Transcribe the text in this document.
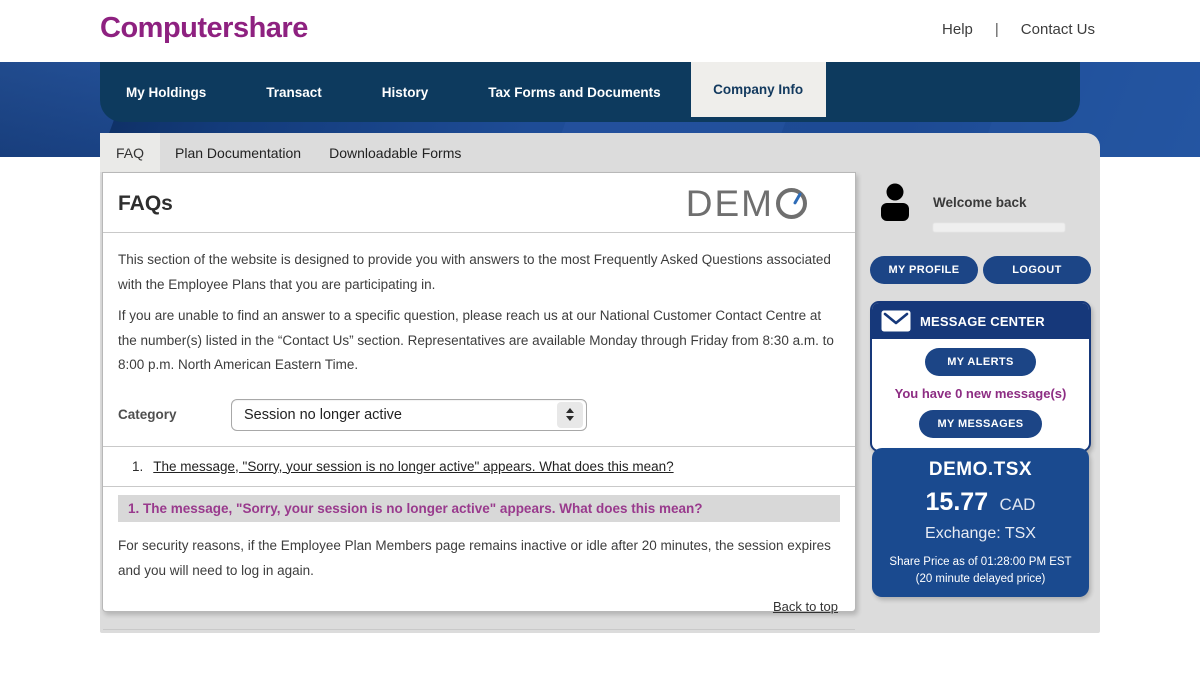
Computershare	Help | Contact Us
My Holdings	Transact	History	Tax Forms and Documents	Company Info
FAQ	Plan Documentation	Downloadable Forms
FAQs	DEM

This section of the website is designed to provide you with answers to the most Frequently Asked Questions associated with the Employee Plans that you are participating in.

If you are unable to find an answer to a specific question, please reach us at our National Customer Contact Centre at the number(s) listed in the “Contact Us” section. Representatives are available Monday through Friday from 8:30 a.m. to 8:00 p.m. North American Eastern Time.

Category	Session no longer active
1. The message, "Sorry, your session is no longer active" appears. What does this mean?
1. The message, "Sorry, your session is no longer active" appears. What does this mean?

For security reasons, if the Employee Plan Members page remains inactive or idle after 20 minutes, the session expires and you will need to log in again.

Back to top
Welcome back
MY PROFILE	LOGOUT
MESSAGE CENTER
MY ALERTS
You have 0 new message(s)
MY MESSAGES
DEMO.TSX
15.77 CAD
Exchange: TSX
Share Price as of 01:28:00 PM EST
(20 minute delayed price)
